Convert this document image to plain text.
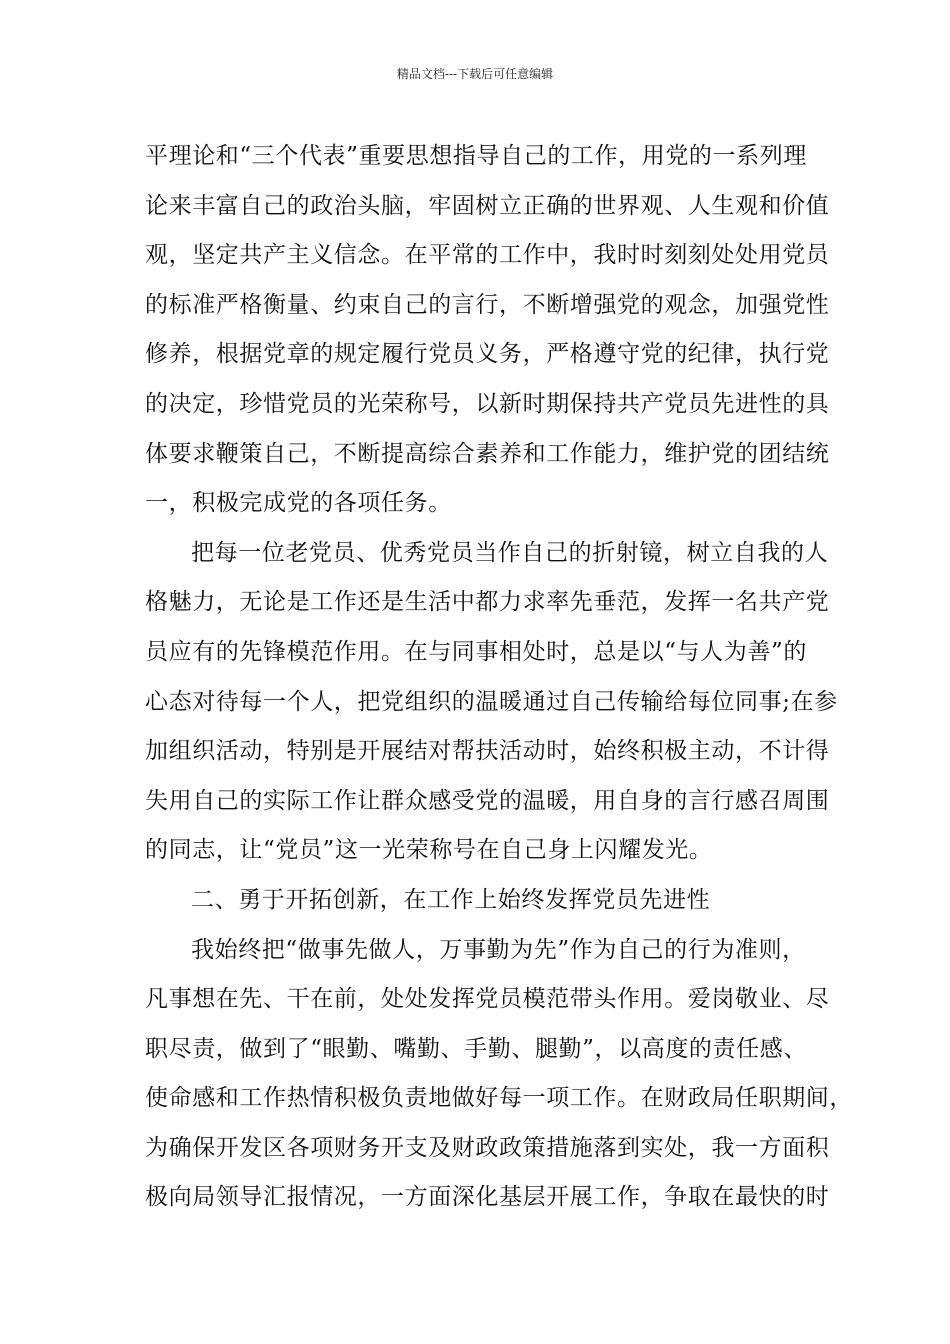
精品文档---下载后可任意编辑
平理论和“三个代表”重要思想指导自己的工作，用党的一系列理
论来丰富自己的政治头脑，牢固树立正确的世界观、人生观和价值
观，坚定共产主义信念。在平常的工作中，我时时刻刻处处用党员
的标准严格衡量、约束自己的言行，不断增强党的观念，加强党性
修养，根据党章的规定履行党员义务，严格遵守党的纪律，执行党
的决定，珍惜党员的光荣称号，以新时期保持共产党员先进性的具
体要求鞭策自己，不断提高综合素养和工作能力，维护党的团结统
一，积极完成党的各项任务。
把每一位老党员、优秀党员当作自己的折射镜，树立自我的人
格魅力，无论是工作还是生活中都力求率先垂范，发挥一名共产党
员应有的先锋模范作用。在与同事相处时，总是以“与人为善”的
心态对待每一个人，把党组织的温暖通过自己传输给每位同事;在参
加组织活动，特别是开展结对帮扶活动时，始终积极主动，不计得
失用自己的实际工作让群众感受党的温暖，用自身的言行感召周围
的同志，让“党员”这一光荣称号在自己身上闪耀发光。
二、勇于开拓创新，在工作上始终发挥党员先进性
我始终把“做事先做人，万事勤为先”作为自己的行为准则，
凡事想在先、干在前，处处发挥党员模范带头作用。爱岗敬业、尽
职尽责，做到了“眼勤、嘴勤、手勤、腿勤”，以高度的责任感、
使命感和工作热情积极负责地做好每一项工作。在财政局任职期间，
为确保开发区各项财务开支及财政政策措施落到实处，我一方面积
极向局领导汇报情况，一方面深化基层开展工作，争取在最快的时
